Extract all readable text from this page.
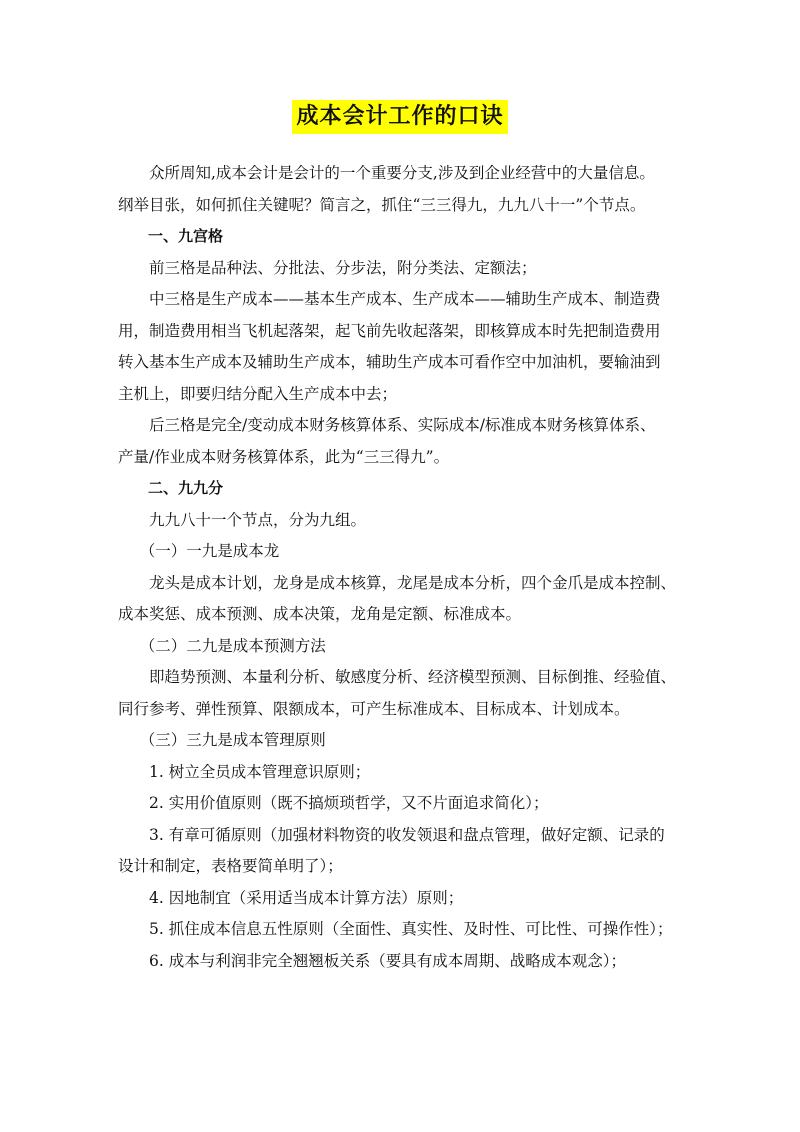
成本会计工作的口诀

众所周知,成本会计是会计的一个重要分支,涉及到企业经营中的大量信息。

纲举目张，如何抓住关键呢？简言之，抓住“三三得九，九九八十一”个节点。

一、九宫格

前三格是品种法、分批法、分步法，附分类法、定额法；

中三格是生产成本——基本生产成本、生产成本——辅助生产成本、制造费

用，制造费用相当飞机起落架，起飞前先收起落架，即核算成本时先把制造费用

转入基本生产成本及辅助生产成本，辅助生产成本可看作空中加油机，要输油到

主机上，即要归结分配入生产成本中去；

后三格是完全/变动成本财务核算体系、实际成本/标准成本财务核算体系、

产量/作业成本财务核算体系，此为“三三得九”。

二、九九分

九九八十一个节点，分为九组。

（一）一九是成本龙

龙头是成本计划，龙身是成本核算，龙尾是成本分析，四个金爪是成本控制、

成本奖惩、成本预测、成本决策，龙角是定额、标准成本。

（二）二九是成本预测方法

即趋势预测、本量利分析、敏感度分析、经济模型预测、目标倒推、经验值、

同行参考、弹性预算、限额成本，可产生标准成本、目标成本、计划成本。

（三）三九是成本管理原则

1. 树立全员成本管理意识原则；

2. 实用价值原则（既不搞烦琐哲学，又不片面追求简化）；

3. 有章可循原则（加强材料物资的收发领退和盘点管理，做好定额、记录的

设计和制定，表格要简单明了）；

4. 因地制宜（采用适当成本计算方法）原则；

5. 抓住成本信息五性原则（全面性、真实性、及时性、可比性、可操作性）；

6. 成本与利润非完全翘翘板关系（要具有成本周期、战略成本观念）；
